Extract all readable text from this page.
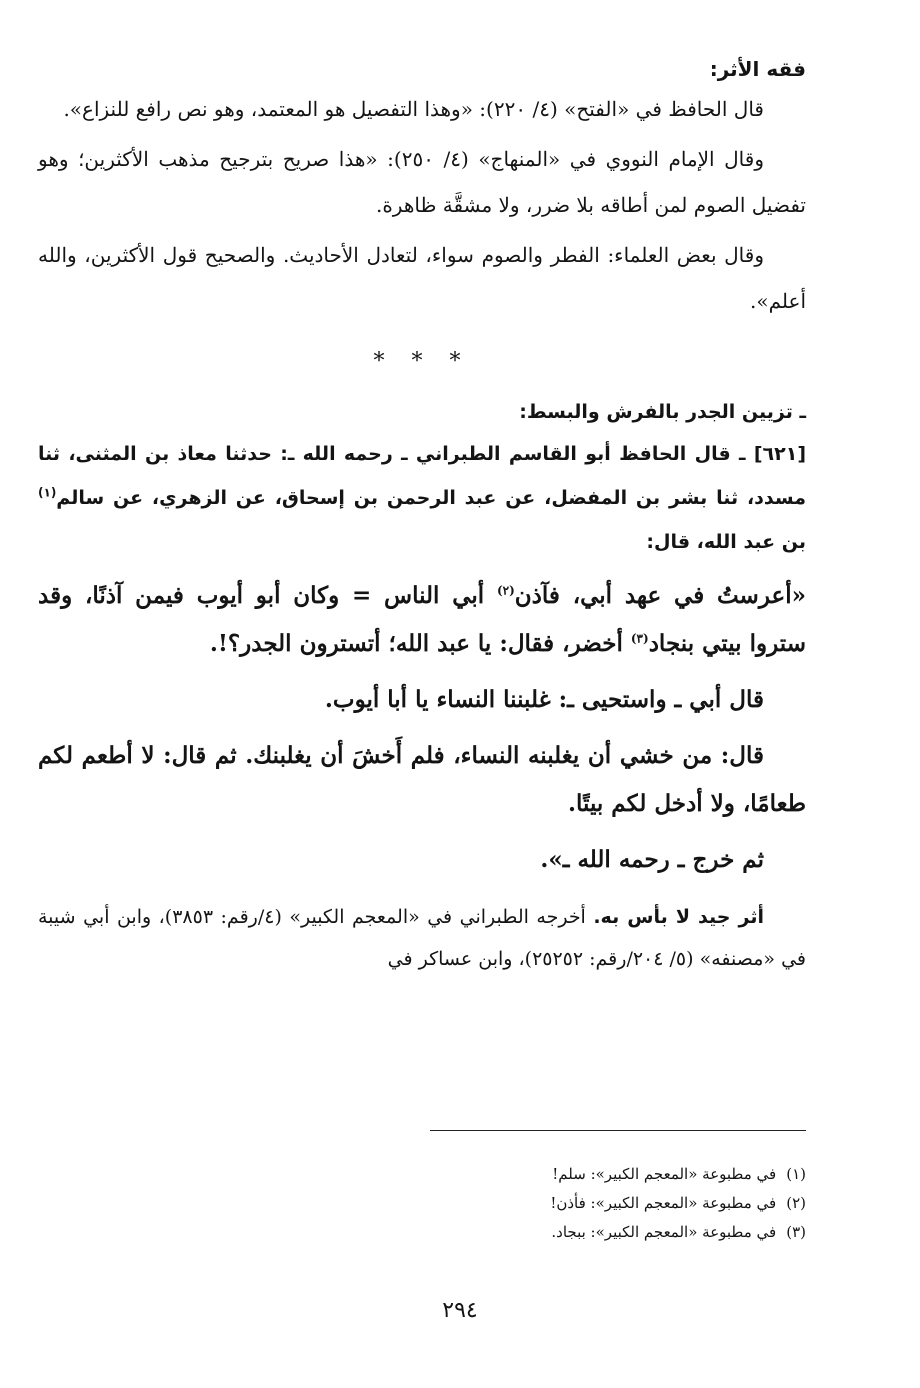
فقه الأثر:

قال الحافظ في «الفتح» (٤/ ٢٢٠): «وهذا التفصيل هو المعتمد، وهو نص رافع للنزاع».

وقال الإمام النووي في «المنهاج» (٤/ ٢٥٠): «هذا صريح بترجيح مذهب الأكثرين؛ وهو تفضيل الصوم لمن أطاقه بلا ضرر، ولا مشقَّة ظاهرة.

وقال بعض العلماء: الفطر والصوم سواء، لتعادل الأحاديث. والصحيح قول الأكثرين، والله أعلم».

* * *
ـ تزيين الجدر بالفرش والبسط:

[٦٢١] ـ قال الحافظ أبو القاسم الطبراني ـ رحمه الله ـ: حدثنا معاذ بن المثنى، ثنا مسدد، ثنا بشر بن المفضل، عن عبد الرحمن بن إسحاق، عن الزهري، عن سالم$^{(١)}$ بن عبد الله، قال:

«أعرستُ في عهد أبي، فآذن$^{(٢)}$ أبي الناس = وكان أبو أيوب فيمن آذنًا، وقد ستروا بيتي بنجاد$^{(٣)}$ أخضر، فقال: يا عبد الله؛ أتسترون الجدر؟!.

قال أبي ـ واستحيى ـ: غلبننا النساء يا أبا أيوب.

قال: من خشي أن يغلبنه النساء، فلم أَخشَ أن يغلبنك. ثم قال: لا أطعم لكم طعامًا، ولا أدخل لكم بيتًا.

ثم خرج ـ رحمه الله ـ».

أثر جيد لا بأس به. أخرجه الطبراني في «المعجم الكبير» (٤/رقم: ٣٨٥٣)، وابن أبي شيبة في «مصنفه» (٥/ ٢٠٤/رقم: ٢٥٢٥٢)، وابن عساكر في

(١)في مطبوعة «المعجم الكبير»: سلم!
(٢)في مطبوعة «المعجم الكبير»: فأذن!
(٣)في مطبوعة «المعجم الكبير»: ببجاد.
٢٩٤
